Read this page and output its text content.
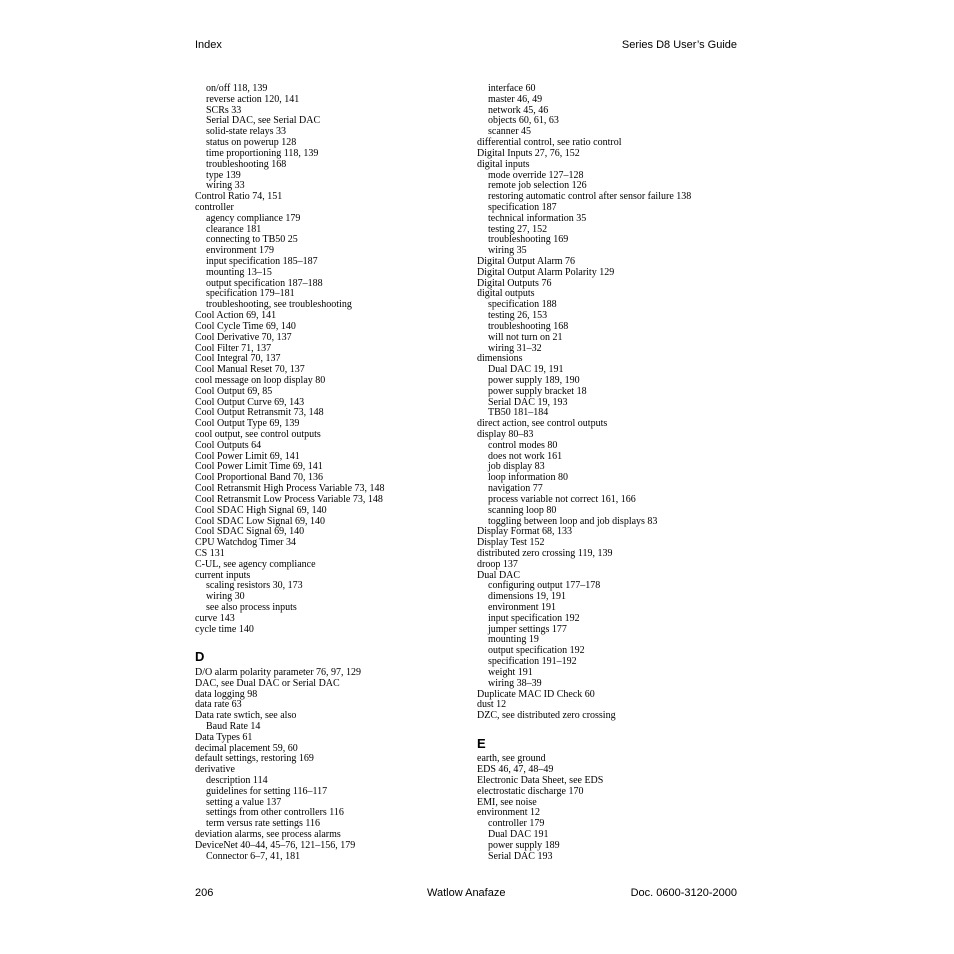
Index	Series D8 User’s Guide
on/off 118, 139
reverse action 120, 141
SCRs 33
Serial DAC, see Serial DAC
solid-state relays 33
status on powerup 128
time proportioning 118, 139
troubleshooting 168
type 139
wiring 33
Control Ratio 74, 151
controller
agency compliance 179
clearance 181
connecting to TB50 25
environment 179
input specification 185–187
mounting 13–15
output specification 187–188
specification 179–181
troubleshooting, see troubleshooting
Cool Action 69, 141
Cool Cycle Time 69, 140
Cool Derivative 70, 137
Cool Filter 71, 137
Cool Integral 70, 137
Cool Manual Reset 70, 137
cool message on loop display 80
Cool Output 69, 85
Cool Output Curve 69, 143
Cool Output Retransmit 73, 148
Cool Output Type 69, 139
cool output, see control outputs
Cool Outputs 64
Cool Power Limit 69, 141
Cool Power Limit Time 69, 141
Cool Proportional Band 70, 136
Cool Retransmit High Process Variable 73, 148
Cool Retransmit Low Process Variable 73, 148
Cool SDAC High Signal 69, 140
Cool SDAC Low Signal 69, 140
Cool SDAC Signal 69, 140
CPU Watchdog Timer 34
CS 131
C-UL, see agency compliance
current inputs
scaling resistors 30, 173
wiring 30
see also process inputs
curve 143
cycle time 140
D
D/O alarm polarity parameter 76, 97, 129
DAC, see Dual DAC or Serial DAC
data logging 98
data rate 63
Data rate swtich, see also
Baud Rate 14
Data Types 61
decimal placement 59, 60
default settings, restoring 169
derivative
description 114
guidelines for setting 116–117
setting a value 137
settings from other controllers 116
term versus rate settings 116
deviation alarms, see process alarms
DeviceNet 40–44, 45–76, 121–156, 179
Connector 6–7, 41, 181
interface 60
master 46, 49
network 45, 46
objects 60, 61, 63
scanner 45
differential control, see ratio control
Digital Inputs 27, 76, 152
digital inputs
mode override 127–128
remote job selection 126
restoring automatic control after sensor failure 138
specification 187
technical information 35
testing 27, 152
troubleshooting 169
wiring 35
Digital Output Alarm 76
Digital Output Alarm Polarity 129
Digital Outputs 76
digital outputs
specification 188
testing 26, 153
troubleshooting 168
will not turn on 21
wiring 31–32
dimensions
Dual DAC 19, 191
power supply 189, 190
power supply bracket 18
Serial DAC 19, 193
TB50 181–184
direct action, see control outputs
display 80–83
control modes 80
does not work 161
job display 83
loop information 80
navigation 77
process variable not correct 161, 166
scanning loop 80
toggling between loop and job displays 83
Display Format 68, 133
Display Test 152
distributed zero crossing 119, 139
droop 137
Dual DAC
configuring output 177–178
dimensions 19, 191
environment 191
input specification 192
jumper settings 177
mounting 19
output specification 192
specification 191–192
weight 191
wiring 38–39
Duplicate MAC ID Check 60
dust 12
DZC, see distributed zero crossing
E
earth, see ground
EDS 46, 47, 48–49
Electronic Data Sheet, see EDS
electrostatic discharge 170
EMI, see noise
environment 12
controller 179
Dual DAC 191
power supply 189
Serial DAC 193
206	Watlow Anafaze	Doc. 0600-3120-2000
